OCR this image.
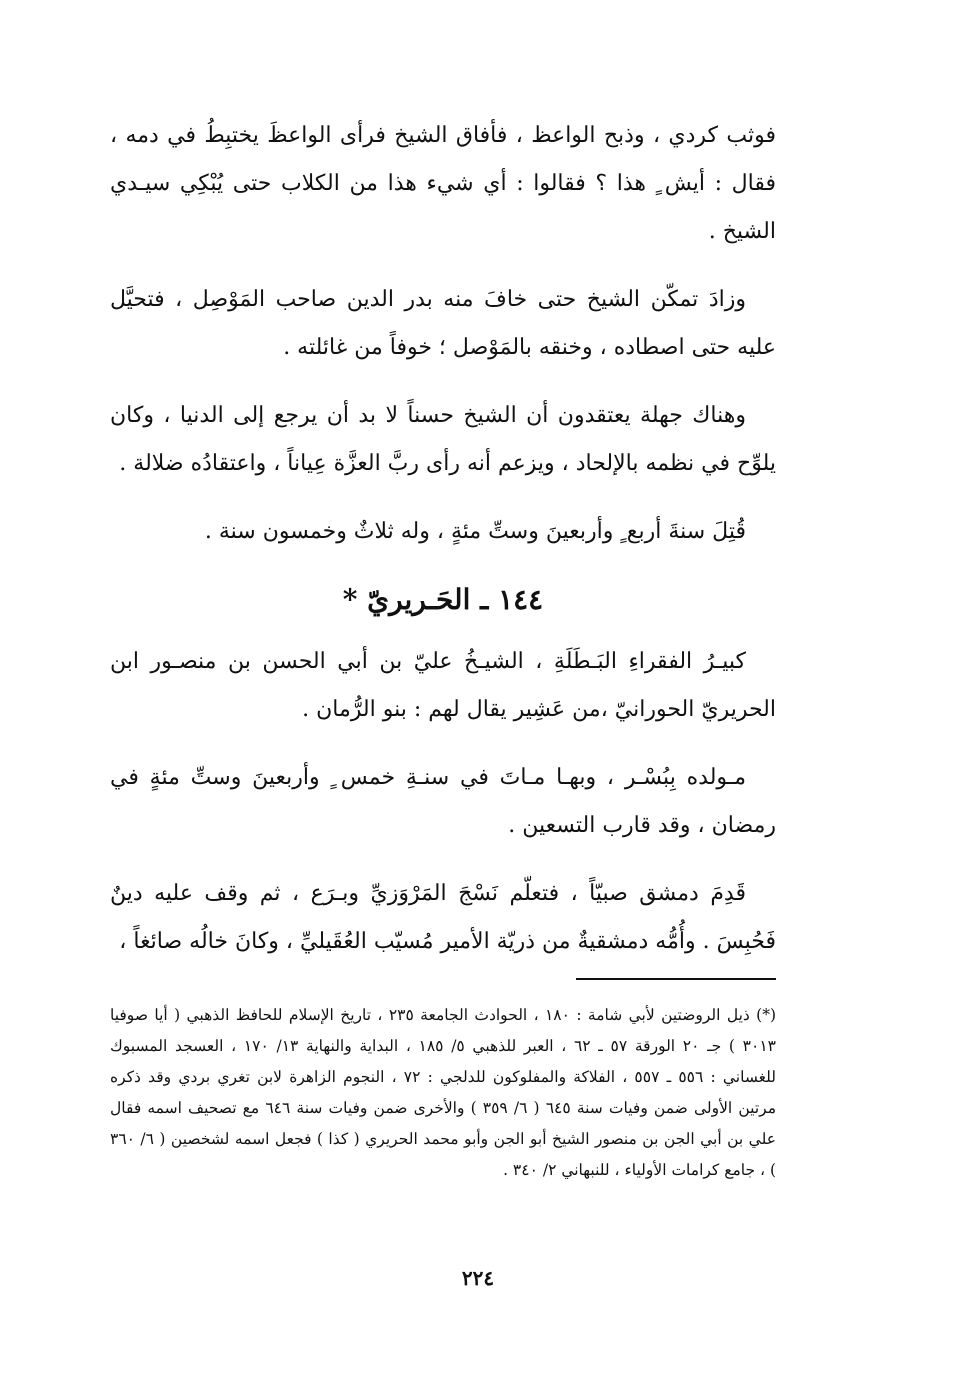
فوثب كردي ، وذبح الواعظ ، فأفاق الشيخ فرأى الواعظَ يختبِطُ في دمه ، فقال : أيش ٍ هذا ؟ فقالوا : أي شيء هذا من الكلاب حتى يُبْكِي سيـدي الشيخ .

وزادَ تمكّن الشيخ حتى خافَ منه بدر الدين صاحب المَوْصِل ، فتحيَّل عليه حتى اصطاده ، وخنقه بالمَوْصل ؛ خوفاً من غائلته .

وهناك جهلة يعتقدون أن الشيخ حسناً لا بد أن يرجع إلى الدنيا ، وكان يلوِّح في نظمه بالإلحاد ، ويزعم أنه رأى ربَّ العزَّة عِياناً ، واعتقادُه ضلالة .

قُتِلَ سنةَ أربع ٍ وأربعينَ وستِّ مئةٍ ، وله ثلاثٌ وخمسون سنة .

١٤٤ ـ الحَـريريّ *

كبيـرُ الفقراءِ البَـطَلَةِ ، الشيـخُ عليّ بن أبي الحسن بن منصـور ابن الحريريّ الحورانيّ ،من عَشِير يقال لهم : بنو الرُّمان .

مـولده بِبُسْـر ، وبهـا مـاتَ في سنـةِ خمس ٍ وأربعينَ وستِّ مئةٍ في رمضان ، وقد قارب التسعين .

قَدِمَ دمشق صبيّاً ، فتعلّم نَسْجَ المَرْوَزيِّ وبـرَع ، ثم وقف عليه دينٌ فَحُبِسَ . وأُمُّه دمشقيةٌ من ذريّة الأمير مُسيّب العُقَيليِّ ، وكانَ خالُه صائغاً ،

(*) ذيل الروضتين لأبي شامة : ١٨٠ ، الحوادث الجامعة ٢٣٥ ، تاريخ الإسلام للحافظ الذهبي ( أيا صوفيا ٣٠١٣ ) جـ ٢٠ الورقة ٥٧ ـ ٦٢ ، العبر للذهبي ٥/ ١٨٥ ، البداية والنهاية ١٣/ ١٧٠ ، العسجد المسبوك للغساني : ٥٥٦ ـ ٥٥٧ ، الفلاكة والمفلوكون للدلجي : ٧٢ ، النجوم الزاهرة لابن تغري بردي وقد ذكره مرتين الأولى ضمن وفيات سنة ٦٤٥ ( ٦/ ٣٥٩ ) والأخرى ضمن وفيات سنة ٦٤٦ مع تصحيف اسمه فقال علي بن أبي الجن بن منصور الشيخ أبو الجن وأبو محمد الحريري ( كذا ) فجعل اسمه لشخصين ( ٦/ ٣٦٠ ) ، جامع كرامات الأولياء ، للنبهاني ٢/ ٣٤٠ .

٢٢٤
